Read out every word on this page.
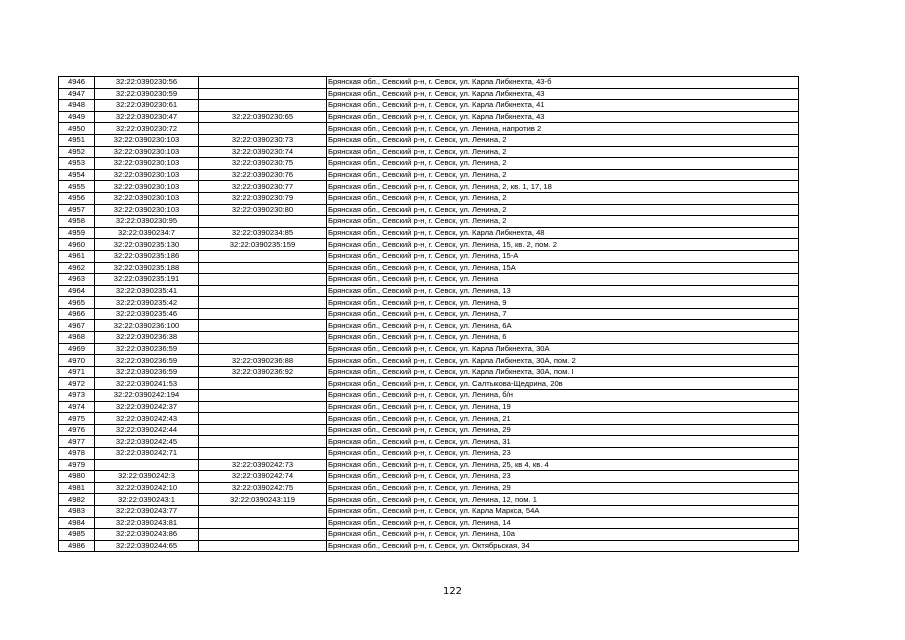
4946	32:22:0390230:56		Брянская обл., Севский р-н, г. Севск, ул. Карла Либкнехта, 43-б
4947	32:22:0390230:59		Брянская обл., Севский р-н, г. Севск, ул. Карла Либкнехта, 43
4948	32:22:0390230:61		Брянская обл., Севский р-н, г. Севск, ул. Карла Либкнехта, 41
4949	32:22:0390230:47	32:22:0390230:65	Брянская обл., Севский р-н, г. Севск, ул. Карла Либкнехта, 43
4950	32:22:0390230:72		Брянская обл., Севский р-н, г. Севск, ул. Ленина, напротив 2
4951	32:22:0390230:103	32:22:0390230:73	Брянская обл., Севский р-н, г. Севск, ул. Ленина, 2
4952	32:22:0390230:103	32:22:0390230:74	Брянская обл., Севский р-н, г. Севск, ул. Ленина, 2
4953	32:22:0390230:103	32:22:0390230:75	Брянская обл., Севский р-н, г. Севск, ул. Ленина, 2
4954	32:22:0390230:103	32:22:0390230:76	Брянская обл., Севский р-н, г. Севск, ул. Ленина, 2
4955	32:22:0390230:103	32:22:0390230:77	Брянская обл., Севский р-н, г. Севск, ул. Ленина, 2, кв. 1, 17, 18
4956	32:22:0390230:103	32:22:0390230:79	Брянская обл., Севский р-н, г. Севск, ул. Ленина, 2
4957	32:22:0390230:103	32:22:0390230:80	Брянская обл., Севский р-н, г. Севск, ул. Ленина, 2
4958	32:22:0390230:95		Брянская обл., Севский р-н, г. Севск, ул. Ленина, 2
4959	32:22:0390234:7	32:22:0390234:85	Брянская обл., Севский р-н, г. Севск, ул. Карла Либкнехта, 48
4960	32:22:0390235:130	32:22:0390235:159	Брянская обл., Севский р-н, г. Севск, ул. Ленина, 15, кв. 2, пом. 2
4961	32:22:0390235:186		Брянская обл., Севский р-н, г. Севск, ул. Ленина, 15-А
4962	32:22:0390235:188		Брянская обл., Севский р-н, г. Севск, ул. Ленина, 15А
4963	32:22:0390235:191		Брянская обл., Севский р-н, г. Севск, ул. Ленина
4964	32:22:0390235:41		Брянская обл., Севский р-н, г. Севск, ул. Ленина, 13
4965	32:22:0390235:42		Брянская обл., Севский р-н, г. Севск, ул. Ленина, 9
4966	32:22:0390235:46		Брянская обл., Севский р-н, г. Севск, ул. Ленина, 7
4967	32:22:0390236:100		Брянская обл., Севский р-н, г. Севск, ул. Ленина, 6А
4968	32:22:0390236:38		Брянская обл., Севский р-н, г. Севск, ул. Ленина, 6
4969	32:22:0390236:59		Брянская обл., Севский р-н, г. Севск, ул. Карла Либкнехта, 30А
4970	32:22:0390236:59	32:22:0390236:88	Брянская обл., Севский р-н, г. Севск, ул. Карла Либкнехта, 30А, пом. 2
4971	32:22:0390236:59	32:22:0390236:92	Брянская обл., Севский р-н, г. Севск, ул. Карла Либкнехта, 30А, пом. I
4972	32:22:0390241:53		Брянская обл., Севский р-н, г. Севск, ул. Салтыкова-Щедрина, 20в
4973	32:22:0390242:194		Брянская обл., Севский р-н, г. Севск, ул. Ленина, б/н
4974	32:22:0390242:37		Брянская обл., Севский р-н, г. Севск, ул. Ленина, 19
4975	32:22:0390242:43		Брянская обл., Севский р-н, г. Севск, ул. Ленина, 21
4976	32:22:0390242:44		Брянская обл., Севский р-н, г. Севск, ул. Ленина, 29
4977	32:22:0390242:45		Брянская обл., Севский р-н, г. Севск, ул. Ленина, 31
4978	32:22:0390242:71		Брянская обл., Севский р-н, г. Севск, ул. Ленина, 23
4979		32:22:0390242:73	Брянская обл., Севский р-н, г. Севск, ул. Ленина, 25, кв 4, кв. 4
4980	32:22:0390242:3	32:22:0390242:74	Брянская обл., Севский р-н, г. Севск, ул. Ленина, 23
4981	32:22:0390242:10	32:22:0390242:75	Брянская обл., Севский р-н, г. Севск, ул. Ленина, 29
4982	32:22:0390243:1	32:22:0390243:119	Брянская обл., Севский р-н, г. Севск, ул. Ленина, 12, пом. 1
4983	32:22:0390243:77		Брянская обл., Севский р-н, г. Севск, ул. Карла Маркса, 54А
4984	32:22:0390243:81		Брянская обл., Севский р-н, г. Севск, ул. Ленина, 14
4985	32:22:0390243:86		Брянская обл., Севский р-н, г. Севск, ул. Ленина, 10а
4986	32:22:0390244:65		Брянская обл., Севский р-н, г. Севск, ул. Октябрьская, 34
122
